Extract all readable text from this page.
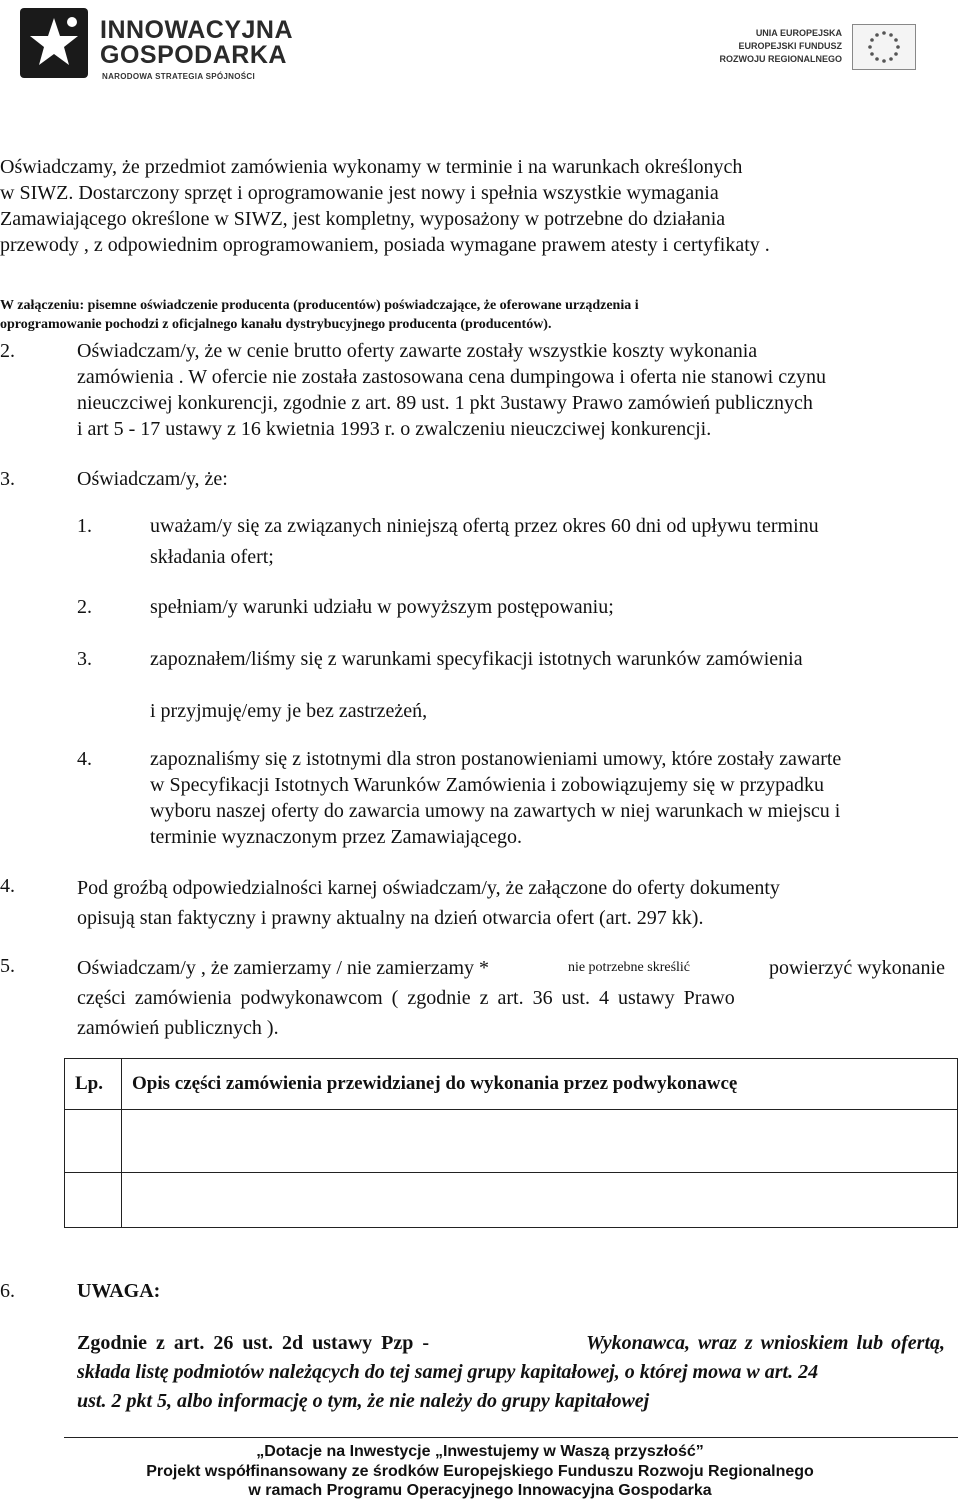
INNOWACYJNA
GOSPODARKA
NARODOWA STRATEGIA SPÓJNOŚCI
UNIA EUROPEJSKA
EUROPEJSKI FUNDUSZ
ROZWOJU REGIONALNEGO
Oświadczamy, że przedmiot zamówienia wykonamy w terminie i na warunkach określonych
w SIWZ. Dostarczony sprzęt i oprogramowanie jest nowy i spełnia wszystkie wymagania
Zamawiającego określone w SIWZ, jest kompletny, wyposażony w potrzebne do działania
przewody , z odpowiednim oprogramowaniem, posiada wymagane prawem atesty i certyfikaty .
W załączeniu: pisemne oświadczenie producenta (producentów) poświadczające, że oferowane urządzenia i
oprogramowanie pochodzi z oficjalnego kanału dystrybucyjnego producenta (producentów).
2.	Oświadczam/y, że w cenie brutto oferty zawarte zostały wszystkie koszty wykonania
zamówienia . W ofercie nie została zastosowana cena dumpingowa i oferta nie stanowi czynu
nieuczciwej konkurencji, zgodnie z art. 89 ust. 1 pkt 3ustawy Prawo zamówień publicznych
i art 5 - 17 ustawy z 16 kwietnia 1993 r. o zwalczeniu nieuczciwej konkurencji.
3.	Oświadczam/y, że:
1.	uważam/y się za związanych niniejszą ofertą przez okres 60 dni od upływu terminu
składania ofert;
2.	spełniam/y warunki udziału w powyższym postępowaniu;
3.	zapoznałem/liśmy się z warunkami specyfikacji istotnych warunków zamówienia
i przyjmuję/emy je bez zastrzeżeń,
4.	zapoznaliśmy się z istotnymi dla stron postanowieniami umowy, które zostały zawarte
w Specyfikacji Istotnych Warunków Zamówienia i zobowiązujemy się w przypadku
wyboru naszej oferty do zawarcia umowy na zawartych w niej warunkach w miejscu i
terminie wyznaczonym przez Zamawiającego.
4.	Pod groźbą odpowiedzialności karnej oświadczam/y, że załączone do oferty dokumenty
opisują stan faktyczny i prawny aktualny na dzień otwarcia ofert (art. 297 kk).
5.	Oświadczam/y , że zamierzamy / nie zamierzamy *	nie potrzebne skreślić	powierzyć wykonanie
części zamówienia podwykonawcom ( zgodnie z art. 36 ust. 4 ustawy Prawo
zamówień publicznych ).
Lp.	Opis części zamówienia przewidzianej do wykonania przez podwykonawcę

6.	UWAGA:
Zgodnie z art. 26 ust. 2d ustawy Pzp -	Wykonawca, wraz z wnioskiem lub ofertą,
składa listę podmiotów należących do tej samej grupy kapitałowej, o której mowa w art. 24
ust. 2 pkt 5, albo informację o tym, że nie należy do grupy kapitałowej
„Dotacje na Inwestycje „Inwestujemy w Waszą przyszłość”
Projekt współfinansowany ze środków Europejskiego Funduszu Rozwoju Regionalnego
w ramach Programu Operacyjnego Innowacyjna Gospodarka
